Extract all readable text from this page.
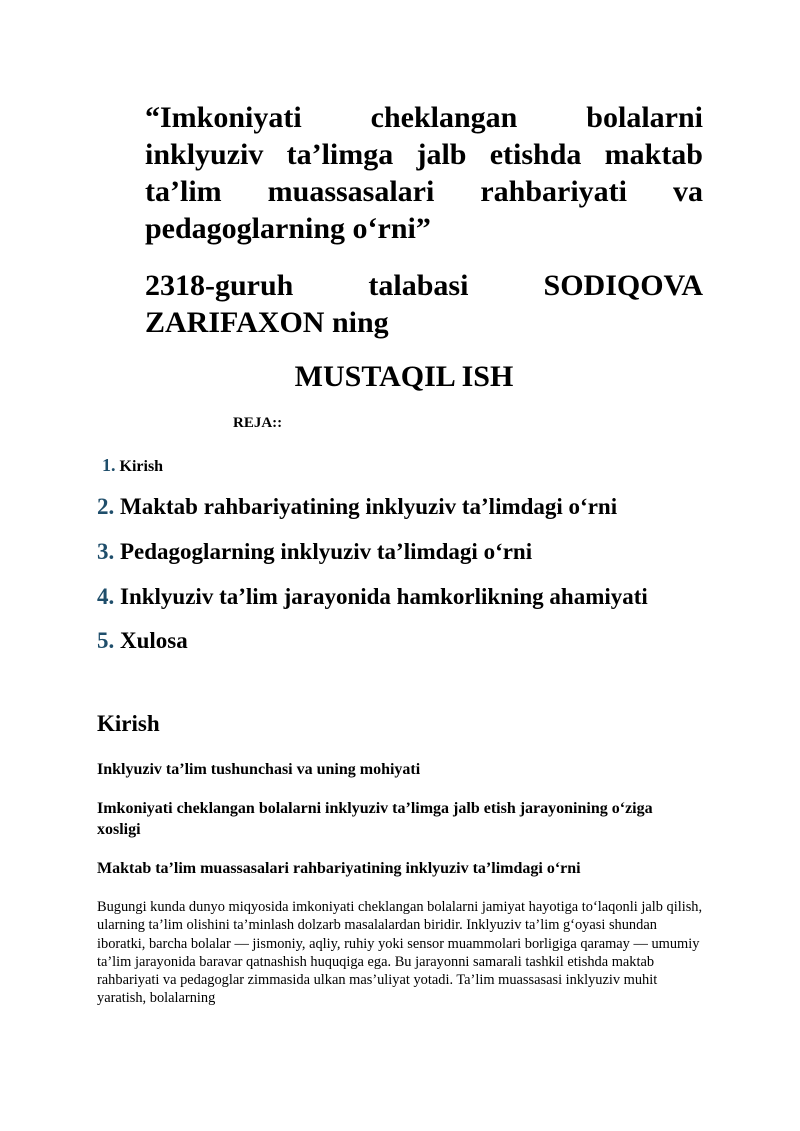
“Imkoniyati cheklangan bolalarni inklyuziv ta’limga jalb etishda maktab ta’lim muassasalari rahbariyati va pedagoglarning o‘rni”

2318-guruh talabasi SODIQOVA ZARIFAXON ning

MUSTAQIL ISH

REJA::

1. Kirish

2. Maktab rahbariyatining inklyuziv ta’limdagi o‘rni

3. Pedagoglarning inklyuziv ta’limdagi o‘rni

4. Inklyuziv ta’lim jarayonida hamkorlikning ahamiyati

5. Xulosa

Kirish

Inklyuziv ta’lim tushunchasi va uning mohiyati

Imkoniyati cheklangan bolalarni inklyuziv ta’limga jalb etish jarayonining o‘ziga xosligi

Maktab ta’lim muassasalari rahbariyatining inklyuziv ta’limdagi o‘rni

Bugungi kunda dunyo miqyosida imkoniyati cheklangan bolalarni jamiyat hayotiga to‘laqonli jalb qilish, ularning ta’lim olishini ta’minlash dolzarb masalalardan biridir. Inklyuziv ta’lim g‘oyasi shundan iboratki, barcha bolalar — jismoniy, aqliy, ruhiy yoki sensor muammolari borligiga qaramay — umumiy ta’lim jarayonida baravar qatnashish huquqiga ega. Bu jarayonni samarali tashkil etishda maktab rahbariyati va pedagoglar zimmasida ulkan mas’uliyat yotadi. Ta’lim muassasasi inklyuziv muhit yaratish, bolalarning
